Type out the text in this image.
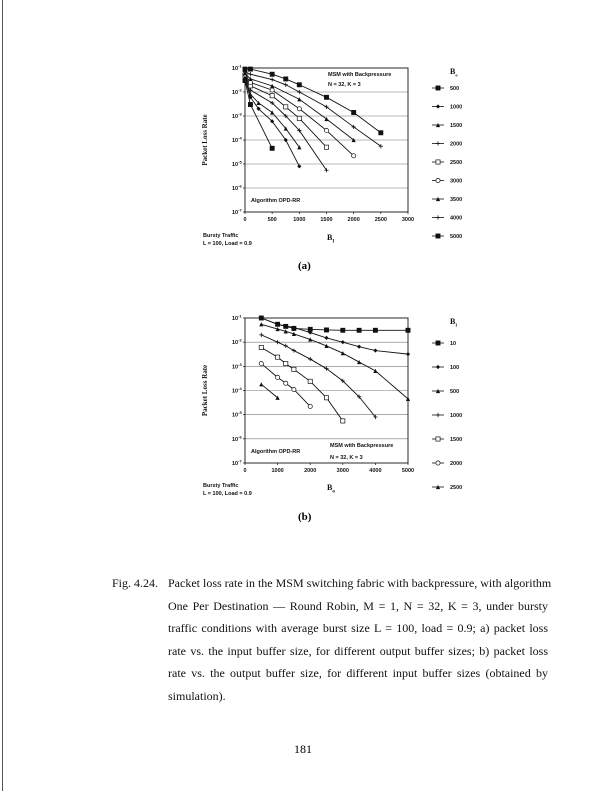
$10^{-1}$
$10^{-2}$
$10^{-3}$
$10^{-4}$
$10^{-5}$
$10^{-6}$
$10^{-7}$
0	500	1000	1500	2000	2500	3000
Packet Loss Rate
$B_I$
MSM with Backpressure
N = 32, K = 3
Algorithm OPD-RR
Bursty Traffic
L = 100, Load = 0.9
500
1000
1500
2000
2500
3000
3500
4000
5000
$B_o$
$10^{-1}$
$10^{-2}$
$10^{-3}$
$10^{-4}$
$10^{-5}$
$10^{-6}$
$10^{-7}$
0	1000	2000	3000	4000	5000
Packet Loss Rate
$B_o$
Algorithm OPD-RR
MSM with Backpressure
N = 32, K = 3
Bursty Traffic
L = 100, Load = 0.9
10
100
500
1000
1500
2000
2500
$B_I$
(a)
(b)
Fig. 4.24. Packet loss rate in the MSM switching fabric with backpressure, with algorithm
One Per Destination — Round Robin, M = 1, N = 32, K = 3, under bursty
traffic conditions with average burst size L = 100, load = 0.9; a) packet loss
rate vs. the input buffer size, for different output buffer sizes; b) packet loss
rate vs. the output buffer size, for different input buffer sizes (obtained by
simulation).
181
